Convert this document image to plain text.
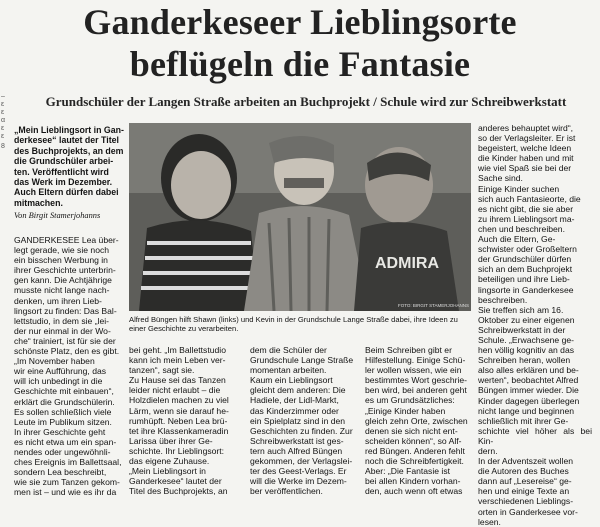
Ganderkeseer Lieblingsorte
beflügeln die Fantasie
Grundschüler der Langen Straße arbeiten an Buchprojekt / Schule wird zur Schreibwerkstatt
–
ε
ε
α
ε
ε
8
„Mein Lieblingsort in Gan-
derkesee“ lautet der Titel
des Buchprojekts, an dem
die Grundschüler arbei-
ten. Veröffentlicht wird
das Werk im Dezember.
Auch Eltern dürfen dabei
mitmachen.
Von Birgit Stamerjohanns
ADMIRA
FOTO: BIRGIT STAMERJOHANNS
Alfred Büngen hilft Shawn (links) und Kevin in der Grundschule Lange Straße dabei, ihre Ideen zu einer Geschichte zu verarbeiten.
GANDERKESEE Lea über-
legt gerade, wie sie noch
ein bisschen Werbung in
ihrer Geschichte unterbrin-
gen kann. Die Achtjährige
musste nicht lange nach-
denken, um ihren Lieb-
lingsort zu finden: Das Bal-
lettstudio, in dem sie „lei-
der nur einmal in der Wo-
che“ trainiert, ist für sie der
schönste Platz, den es gibt.
„Im November haben
wir eine Aufführung, das
will ich unbedingt in die
Geschichte mit einbauen“,
erklärt die Grundschülerin.
Es sollen schließlich viele
Leute im Publikum sitzen.
In ihrer Geschichte geht
es nicht etwa um ein span-
nendes oder ungewöhnli-
ches Ereignis im Ballettsaal,
sondern Lea beschreibt,
wie sie zum Tanzen gekom-
men ist – und wie es ihr da
bei geht. „Im Ballettstudio
kann ich mein Leben ver-
tanzen“, sagt sie.
Zu Hause sei das Tanzen
leider nicht erlaubt – die
Holzdielen machen zu viel
Lärm, wenn sie darauf he-
rumhüpft. Neben Lea brü-
tet ihre Klassenkameradin
Larissa über ihrer Ge-
schichte. Ihr Lieblingsort:
das eigene Zuhause.
„Mein Lieblingsort in
Ganderkesee“ lautet der
Titel des Buchprojekts, an
dem die Schüler der
Grundschule Lange Straße
momentan arbeiten.
Kaum ein Lieblingsort
gleicht dem anderen: Die
Hadiele, der Lidl-Markt,
das Kinderzimmer oder
ein Spielplatz sind in den
Geschichten zu finden. Zur
Schreibwerkstatt ist ges-
tern auch Alfred Büngen
gekommen, der Verlagslei-
ter des Geest-Verlags. Er
will die Werke im Dezem-
ber veröffentlichen.
Beim Schreiben gibt er
Hilfestellung. Einige Schü-
ler wollen wissen, wie ein
bestimmtes Wort geschrie-
ben wird, bei anderen geht
es um Grundsätzliches:
„Einige Kinder haben
gleich zehn Orte, zwischen
denen sie sich nicht ent-
scheiden können“, so Alf-
red Büngen. Anderen fehlt
noch die Schreibfertigkeit.
Aber: „Die Fantasie ist
bei allen Kindern vorhan-
den, auch wenn oft etwas
anderes behauptet wird“,
so der Verlagsleiter. Er ist
begeistert, welche Ideen
die Kinder haben und mit
wie viel Spaß sie bei der
Sache sind.
Einige Kinder suchen
sich auch Fantasieorte, die
es nicht gibt, die sie aber
zu ihrem Lieblingsort ma-
chen und beschreiben.
Auch die Eltern, Ge-
schwister oder Großeltern
der Grundschüler dürfen
sich an dem Buchprojekt
beteiligen und ihre Lieb-
lingsorte in Ganderkesee
beschreiben.
Sie treffen sich am 16.
Oktober zu einer eigenen
Schreibwerkstatt in der
Schule. „Erwachsene ge-
hen völlig kognitiv an das
Schreiben heran, wollen
also alles erklären und be-
werten“, beobachtet Alfred
Büngen immer wieder. Die
Kinder dagegen überlegen
nicht lange und beginnen
schließlich mit ihrer Ge-
schichte viel höher als bei Kin-
dern.
In der Adventszeit wollen
die Autoren des Buches
dann auf „Lesereise“ ge-
hen und einige Texte an
verschiedenen Lieblings-
orten in Ganderkesee vor-
lesen.
